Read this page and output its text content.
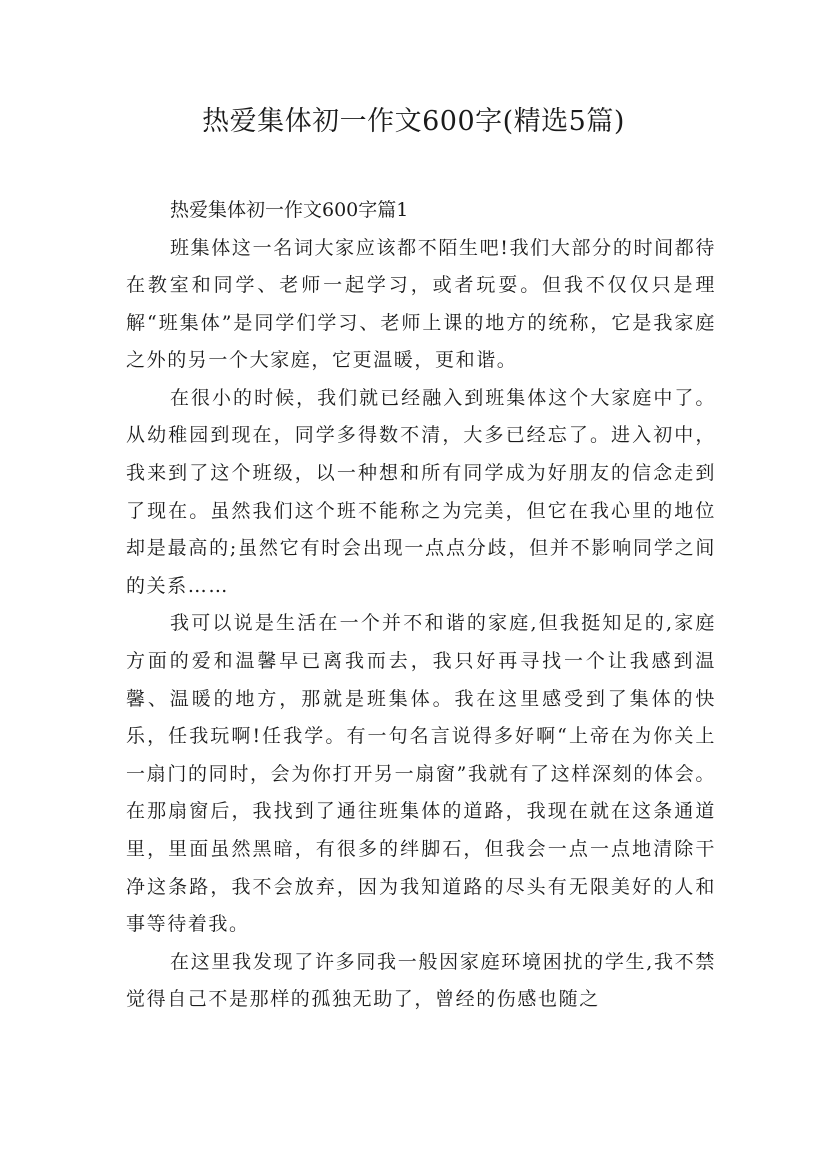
热爱集体初一作文600字(精选5篇)

热爱集体初一作文600字篇1

班集体这一名词大家应该都不陌生吧!我们大部分的时间都待在教室和同学、老师一起学习，或者玩耍。但我不仅仅只是理解“班集体”是同学们学习、老师上课的地方的统称，它是我家庭之外的另一个大家庭，它更温暖，更和谐。

在很小的时候，我们就已经融入到班集体这个大家庭中了。从幼稚园到现在，同学多得数不清，大多已经忘了。进入初中，我来到了这个班级，以一种想和所有同学成为好朋友的信念走到了现在。虽然我们这个班不能称之为完美，但它在我心里的地位却是最高的;虽然它有时会出现一点点分歧，但并不影响同学之间的关系……

我可以说是生活在一个并不和谐的家庭,但我挺知足的,家庭方面的爱和温馨早已离我而去，我只好再寻找一个让我感到温馨、温暖的地方，那就是班集体。我在这里感受到了集体的快乐，任我玩啊!任我学。有一句名言说得多好啊“上帝在为你关上一扇门的同时，会为你打开另一扇窗”我就有了这样深刻的体会。在那扇窗后，我找到了通往班集体的道路，我现在就在这条通道里，里面虽然黑暗，有很多的绊脚石，但我会一点一点地清除干净这条路，我不会放弃，因为我知道路的尽头有无限美好的人和事等待着我。

在这里我发现了许多同我一般因家庭环境困扰的学生,我不禁觉得自己不是那样的孤独无助了，曾经的伤感也随之
